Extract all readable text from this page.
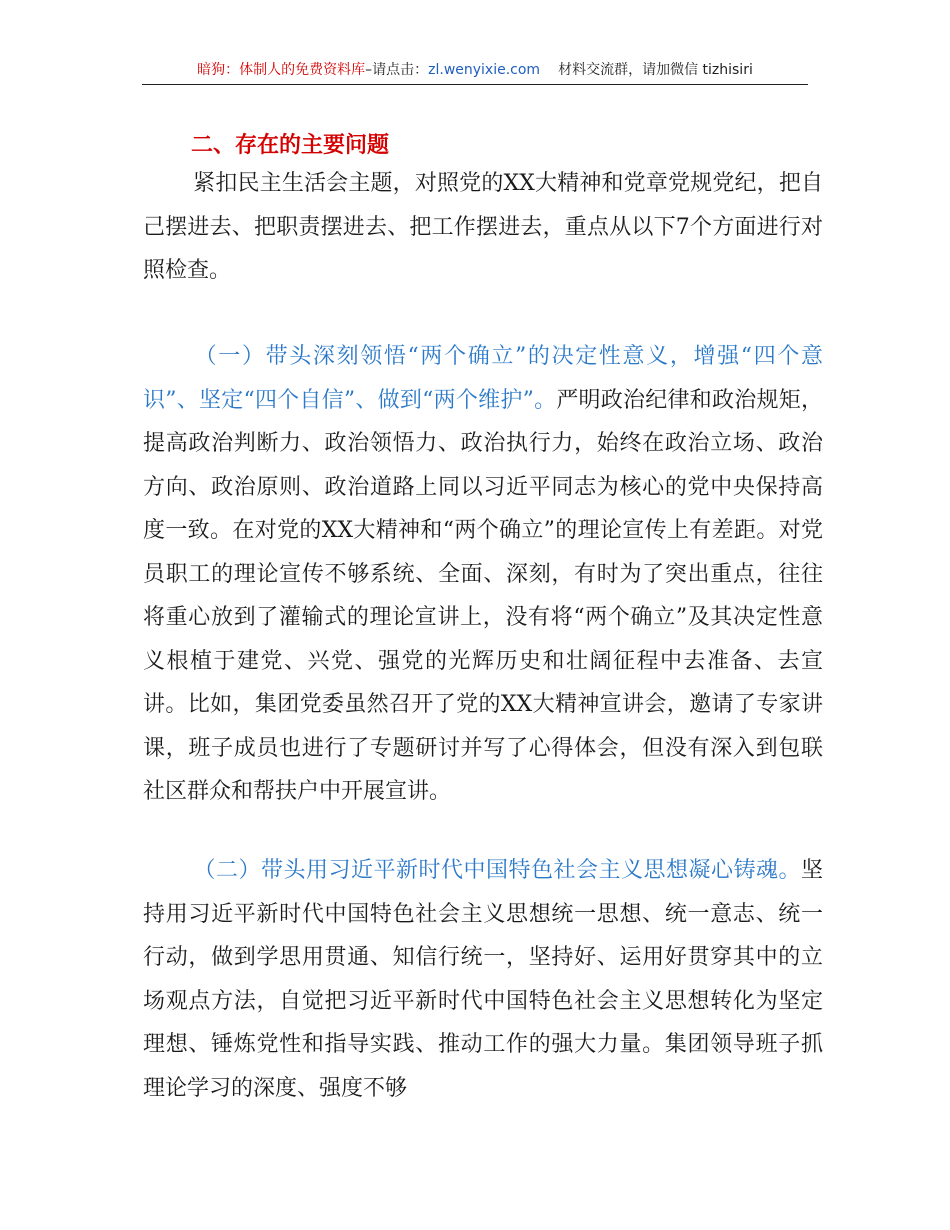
暗狗：体制人的免费资料库–请点击：zl.wenyixie.com 材料交流群，请加微信 tizhisiri
二、存在的主要问题

紧扣民主生活会主题，对照党的XX大精神和党章党规党纪，把自己摆进去、把职责摆进去、把工作摆进去，重点从以下7个方面进行对照检查。

（一）带头深刻领悟“两个确立”的决定性意义，增强“四个意识”、坚定“四个自信”、做到“两个维护”。严明政治纪律和政治规矩，提高政治判断力、政治领悟力、政治执行力，始终在政治立场、政治方向、政治原则、政治道路上同以习近平同志为核心的党中央保持高度一致。在对党的XX大精神和“两个确立”的理论宣传上有差距。对党员职工的理论宣传不够系统、全面、深刻，有时为了突出重点，往往将重心放到了灌输式的理论宣讲上，没有将“两个确立”及其决定性意义根植于建党、兴党、强党的光辉历史和壮阔征程中去准备、去宣讲。比如，集团党委虽然召开了党的XX大精神宣讲会，邀请了专家讲课，班子成员也进行了专题研讨并写了心得体会，但没有深入到包联社区群众和帮扶户中开展宣讲。

（二）带头用习近平新时代中国特色社会主义思想凝心铸魂。坚持用习近平新时代中国特色社会主义思想统一思想、统一意志、统一行动，做到学思用贯通、知信行统一，坚持好、运用好贯穿其中的立场观点方法，自觉把习近平新时代中国特色社会主义思想转化为坚定理想、锤炼党性和指导实践、推动工作的强大力量。集团领导班子抓理论学习的深度、强度不够
